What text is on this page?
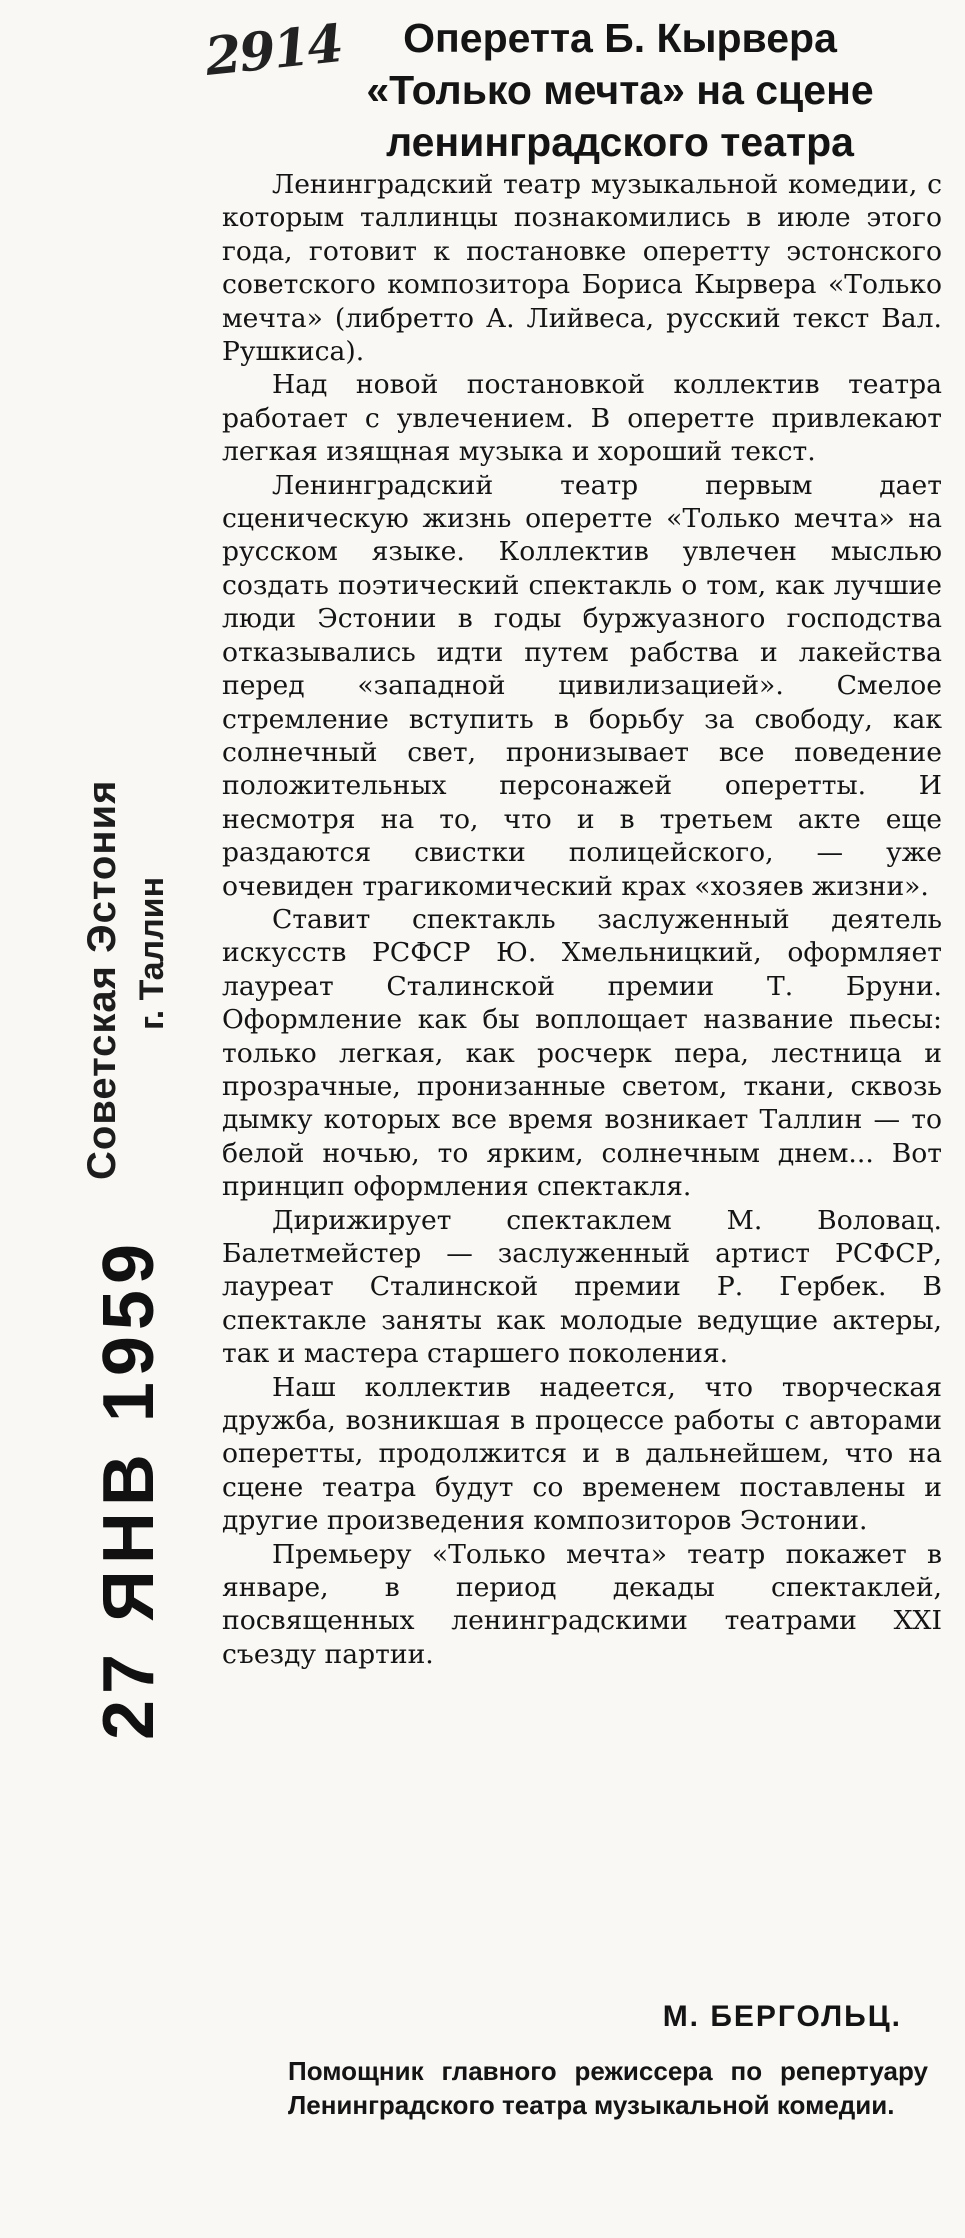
2914
Советская Эстония г. Таллин
27 ЯНВ 1959
Оперетта Б. Кырвера
«Только мечта» на сцене
ленинградского театра

Ленинградский театр музыкальной комедии, с которым таллинцы познакомились в июле этого года, готовит к постановке оперетту эстонского советского композитора Бориса Кырвера «Только мечта» (либретто А. Лийвеса, русский текст Вал. Рушкиса).

Над новой постановкой коллектив театра работает с увлечением. В оперетте привлекают легкая изящная музыка и хороший текст.

Ленинградский театр первым дает сценическую жизнь оперетте «Только мечта» на русском языке. Коллектив увлечен мыслью создать поэтический спектакль о том, как лучшие люди Эстонии в годы буржуазного господства отказывались идти путем рабства и лакейства перед «западной цивилизацией». Смелое стремление вступить в борьбу за свободу, как солнечный свет, пронизывает все поведение положительных персонажей оперетты. И несмотря на то, что и в третьем акте еще раздаются свистки полицейского, — уже очевиден трагикомический крах «хозяев жизни».

Ставит спектакль заслуженный деятель искусств РСФСР Ю. Хмельницкий, оформляет лауреат Сталинской премии Т. Бруни. Оформление как бы воплощает название пьесы: только легкая, как росчерк пера, лестница и прозрачные, пронизанные светом, ткани, сквозь дымку которых все время возникает Таллин — то белой ночью, то ярким, солнечным днем... Вот принцип оформления спектакля.

Дирижирует спектаклем М. Воловац. Балетмейстер — заслуженный артист РСФСР, лауреат Сталинской премии Р. Гербек. В спектакле заняты как молодые ведущие актеры, так и мастера старшего поколения.

Наш коллектив надеется, что творческая дружба, возникшая в процессе работы с авторами оперетты, продолжится и в дальнейшем, что на сцене театра будут со временем поставлены и другие произведения композиторов Эстонии.

Премьеру «Только мечта» театр покажет в январе, в период декады спектаклей, посвященных ленинградскими театрами XXI съезду партии.

М. БЕРГОЛЬЦ.
Помощник главного режиссера по репертуару Ленинградского театра музыкальной комедии.
